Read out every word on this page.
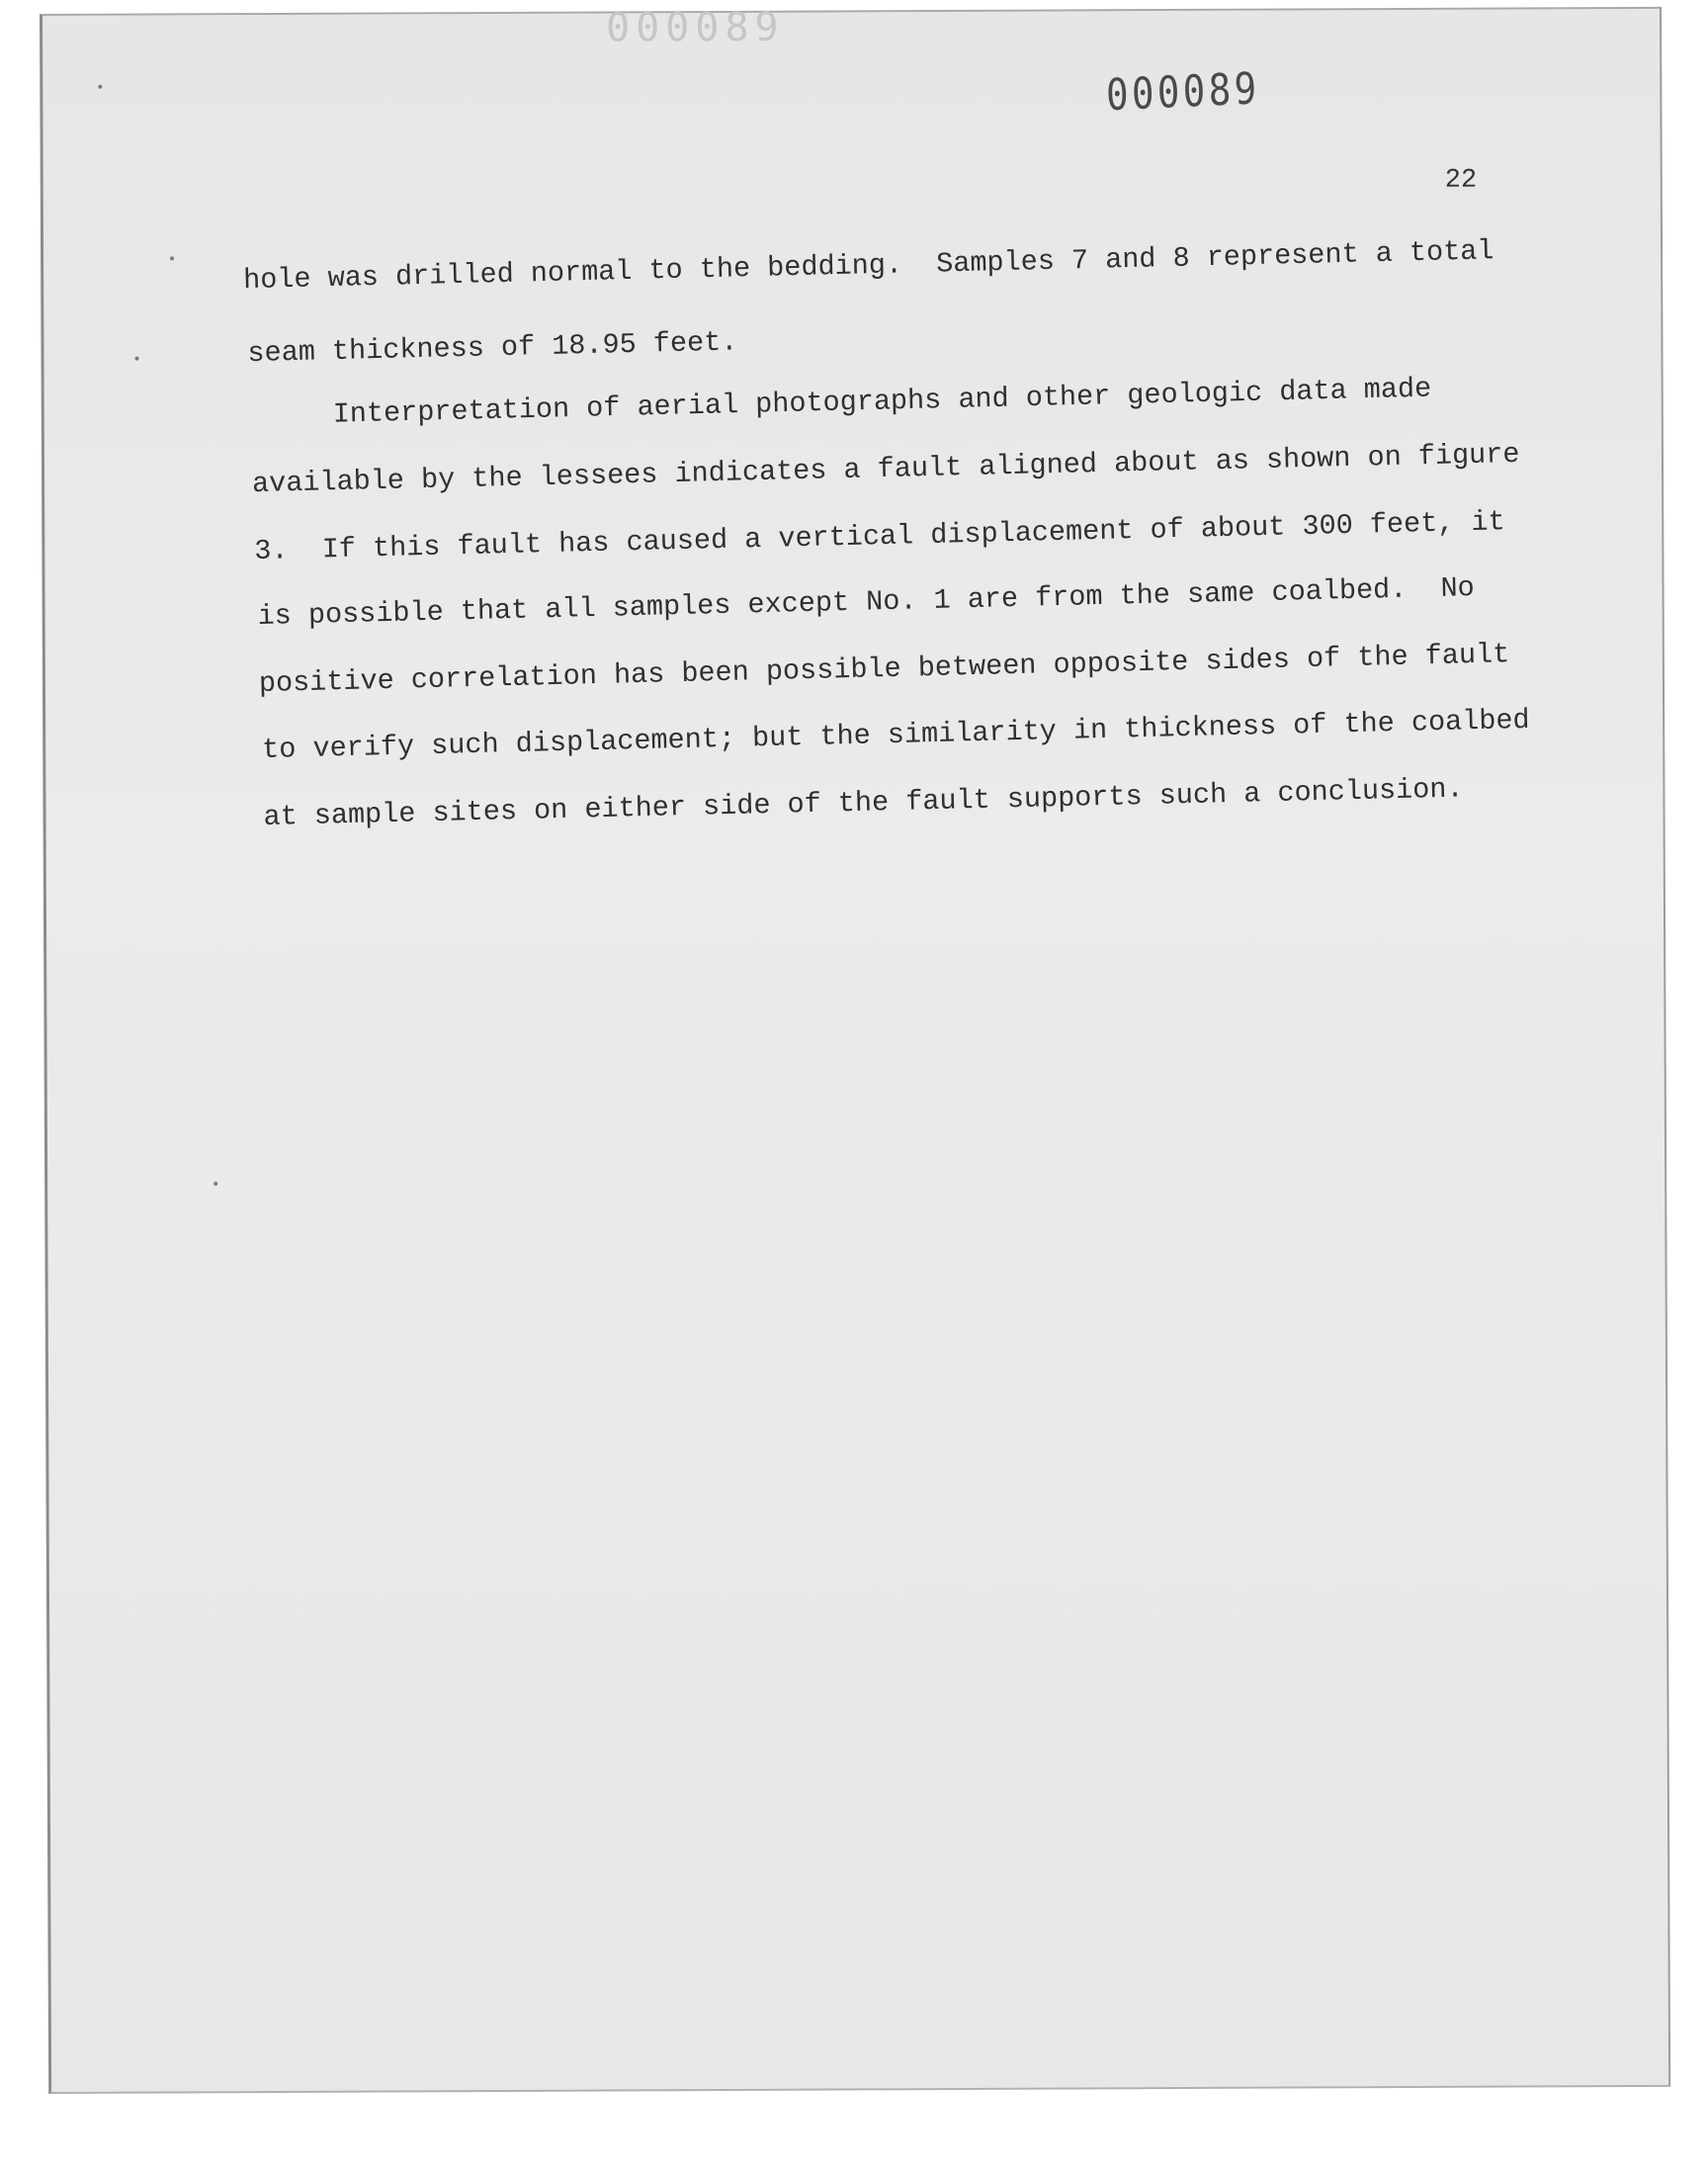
000089
000089
22
hole was drilled normal to the bedding.  Samples 7 and 8 represent a total
seam thickness of 18.95 feet.
Interpretation of aerial photographs and other geologic data made
available by the lessees indicates a fault aligned about as shown on figure
3.  If this fault has caused a vertical displacement of about 300 feet, it
is possible that all samples except No. 1 are from the same coalbed.  No
positive correlation has been possible between opposite sides of the fault
to verify such displacement; but the similarity in thickness of the coalbed
at sample sites on either side of the fault supports such a conclusion.
